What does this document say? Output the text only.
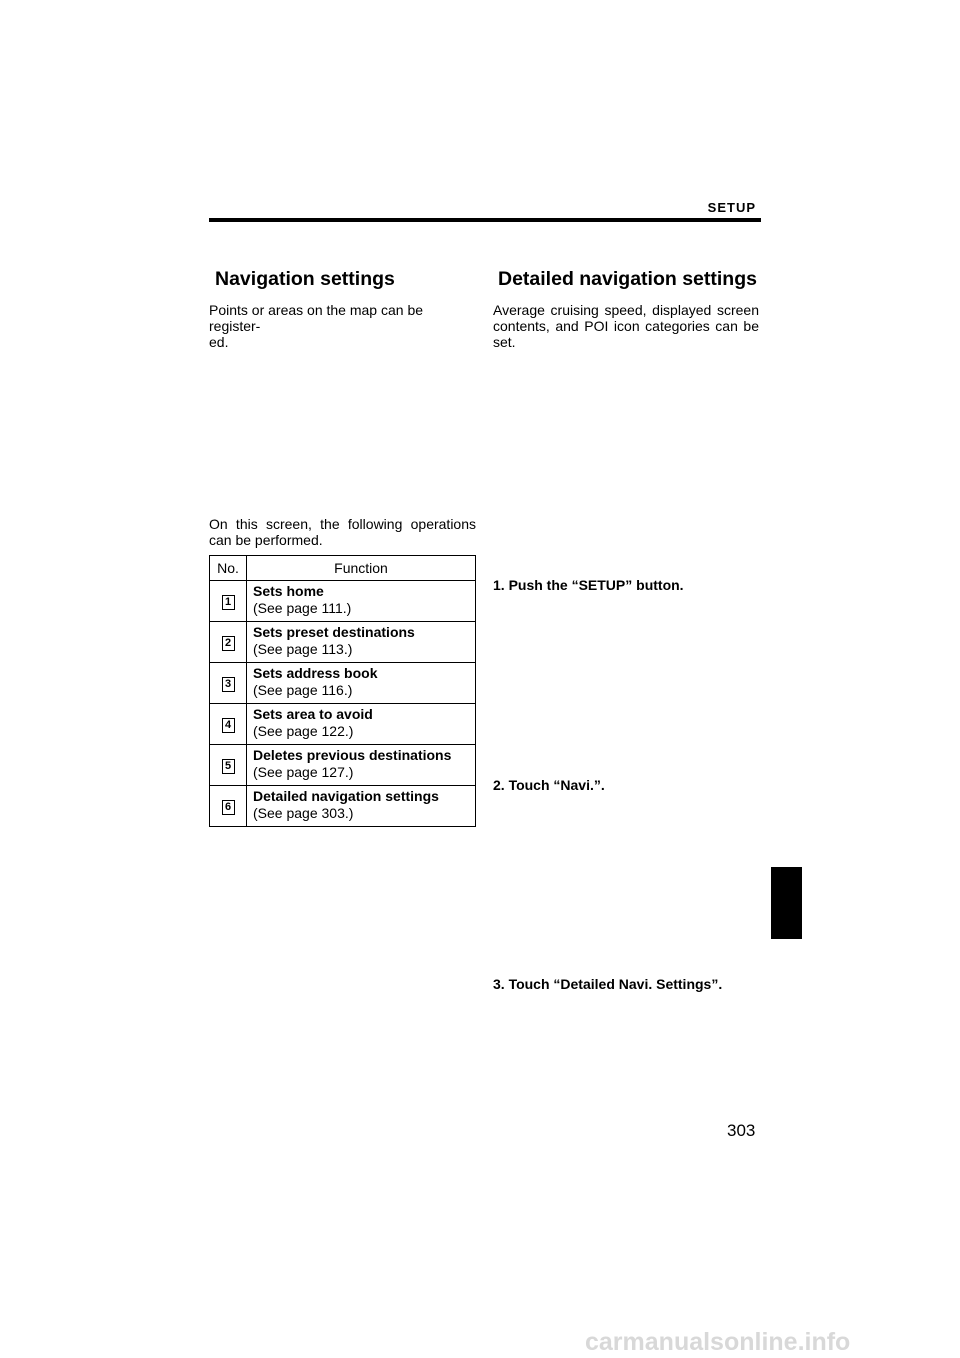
SETUP
Navigation settings

Points or areas on the map can be register-
ed.

On this screen, the following operations can be performed.

No.	Function
1	Sets home
(See page 111.)

2	Sets preset destinations
(See page 113.)

3	Sets address book
(See page 116.)

4	Sets area to avoid
(See page 122.)

5	Deletes previous destinations
(See page 127.)

6	Detailed navigation settings
(See page 303.)
Detailed navigation settings

Average cruising speed, displayed screen contents, and POI icon categories can be set.

1. Push the “SETUP” button.
2. Touch “Navi.”.
3. Touch “Detailed Navi. Settings”.
303
carmanualsonline.info
